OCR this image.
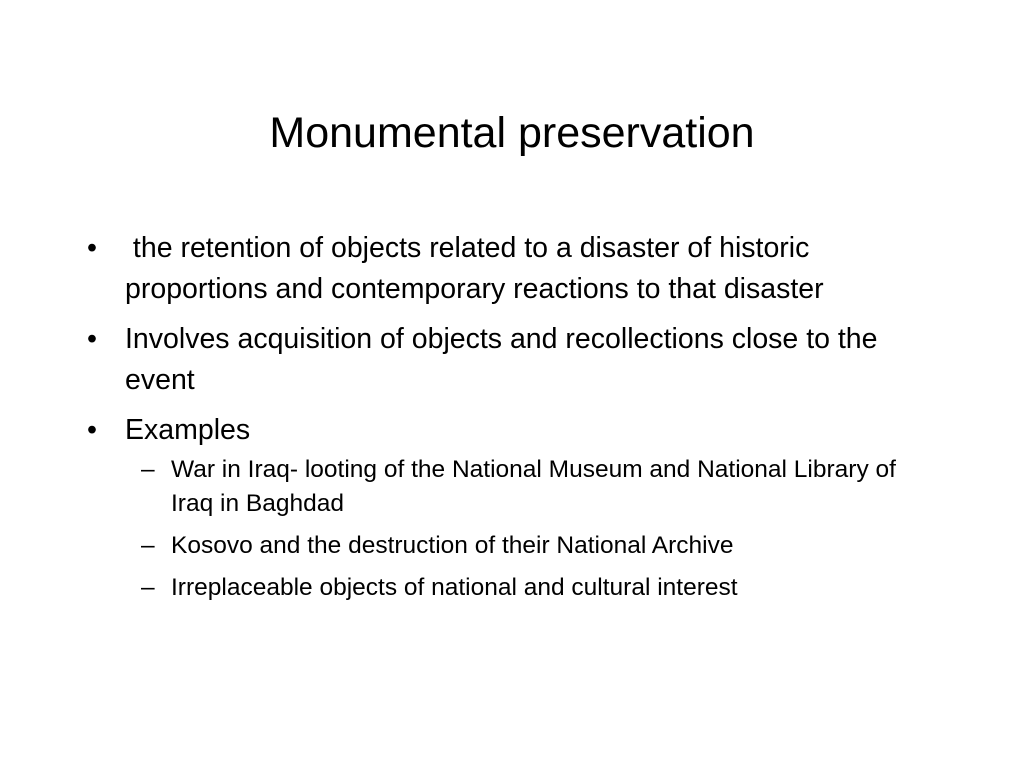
Monumental preservation
• the retention of objects related to a disaster of historic proportions and contemporary reactions to that disaster
• Involves acquisition of objects and recollections close to the event
• Examples
– War in Iraq- looting of the National Museum and National Library of Iraq in Baghdad
– Kosovo and the destruction of their National Archive
– Irreplaceable objects of national and cultural interest
